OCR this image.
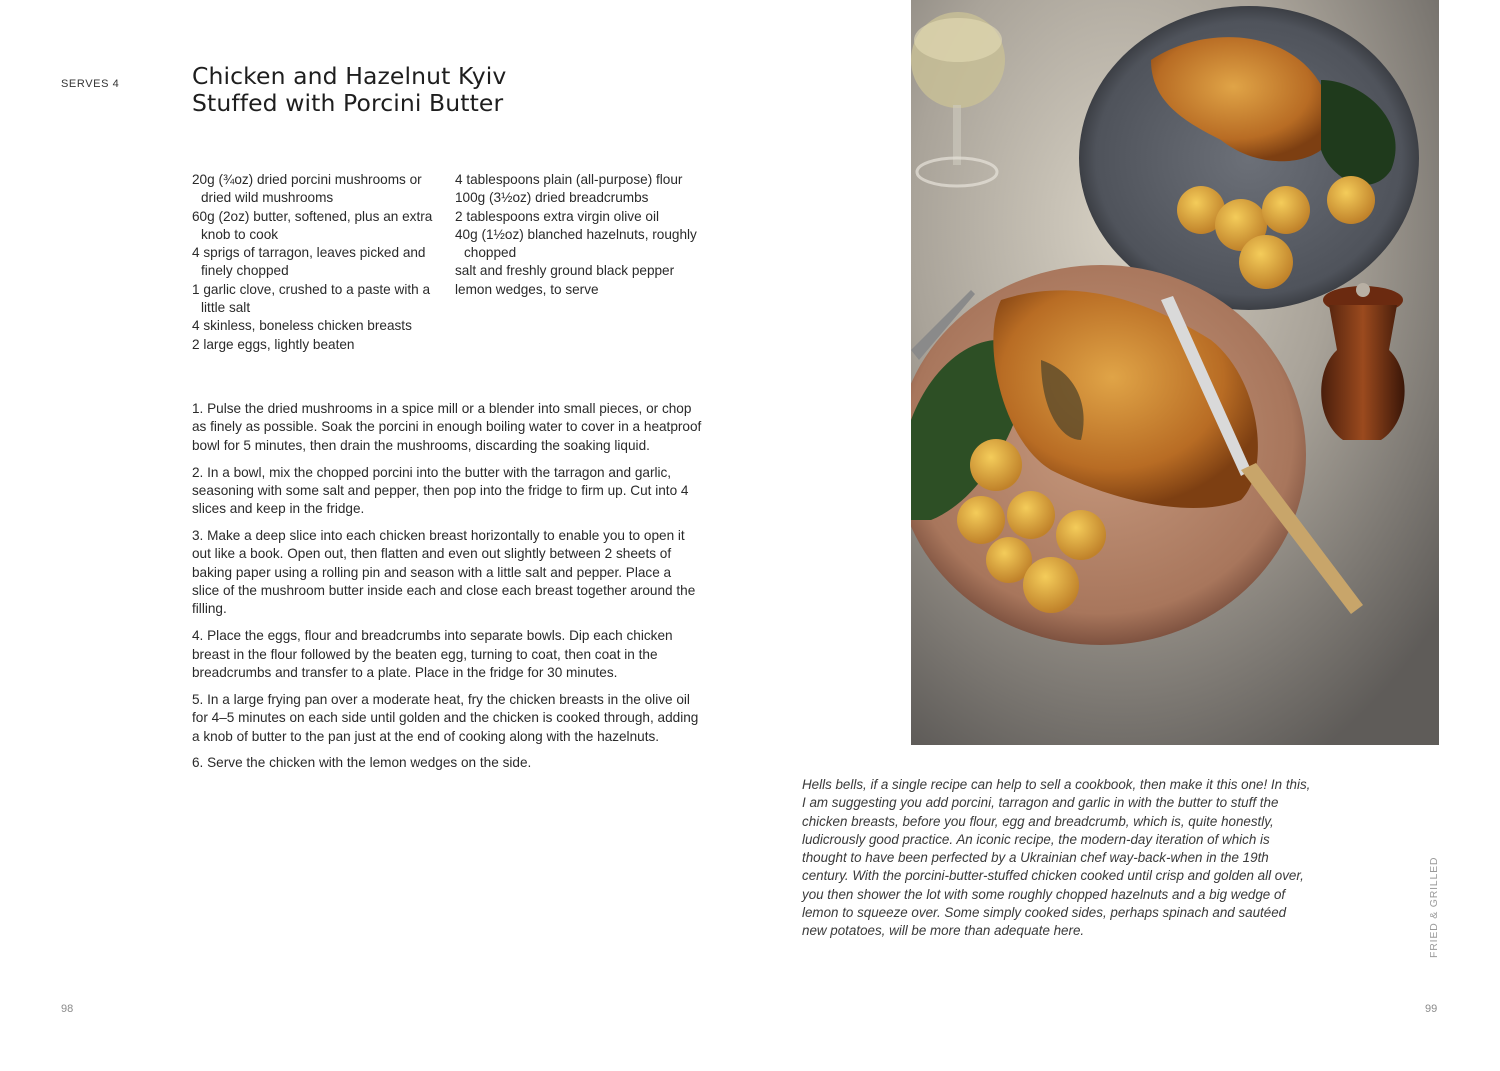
SERVES 4	Chicken and Hazelnut Kyiv
Stuffed with Porcini Butter
20g (¾oz) dried porcini mushrooms or dried wild mushrooms
60g (2oz) butter, softened, plus an extra knob to cook
4 sprigs of tarragon, leaves picked and finely chopped
1 garlic clove, crushed to a paste with a little salt
4 skinless, boneless chicken breasts
2 large eggs, lightly beaten
4 tablespoons plain (all-purpose) flour
100g (3½oz) dried breadcrumbs
2 tablespoons extra virgin olive oil
40g (1½oz) blanched hazelnuts, roughly chopped
salt and freshly ground black pepper
lemon wedges, to serve
1. Pulse the dried mushrooms in a spice mill or a blender into small pieces, or chop as finely as possible. Soak the porcini in enough boiling water to cover in a heatproof bowl for 5 minutes, then drain the mushrooms, discarding the soaking liquid.
2. In a bowl, mix the chopped porcini into the butter with the tarragon and garlic, seasoning with some salt and pepper, then pop into the fridge to firm up. Cut into 4 slices and keep in the fridge.
3. Make a deep slice into each chicken breast horizontally to enable you to open it out like a book. Open out, then flatten and even out slightly between 2 sheets of baking paper using a rolling pin and season with a little salt and pepper. Place a slice of the mushroom butter inside each and close each breast together around the filling.
4. Place the eggs, flour and breadcrumbs into separate bowls. Dip each chicken breast in the flour followed by the beaten egg, turning to coat, then coat in the breadcrumbs and transfer to a plate. Place in the fridge for 30 minutes.
5. In a large frying pan over a moderate heat, fry the chicken breasts in the olive oil for 4–5 minutes on each side until golden and the chicken is cooked through, adding a knob of butter to the pan just at the end of cooking along with the hazelnuts.
6. Serve the chicken with the lemon wedges on the side.
98

Hells bells, if a single recipe can help to sell a cookbook, then make it this one! In this, I am suggesting you add porcini, tarragon and garlic in with the butter to stuff the chicken breasts, before you flour, egg and breadcrumb, which is, quite honestly, ludicrously good practice. An iconic recipe, the modern-day iteration of which is thought to have been perfected by a Ukrainian chef way-back-when in the 19th century. With the porcini-butter-stuffed chicken cooked until crisp and golden all over, you then shower the lot with some roughly chopped hazelnuts and a big wedge of lemon to squeeze over. Some simply cooked sides, perhaps spinach and sautéed new potatoes, will be more than adequate here.	FRIED & GRILLED
99
